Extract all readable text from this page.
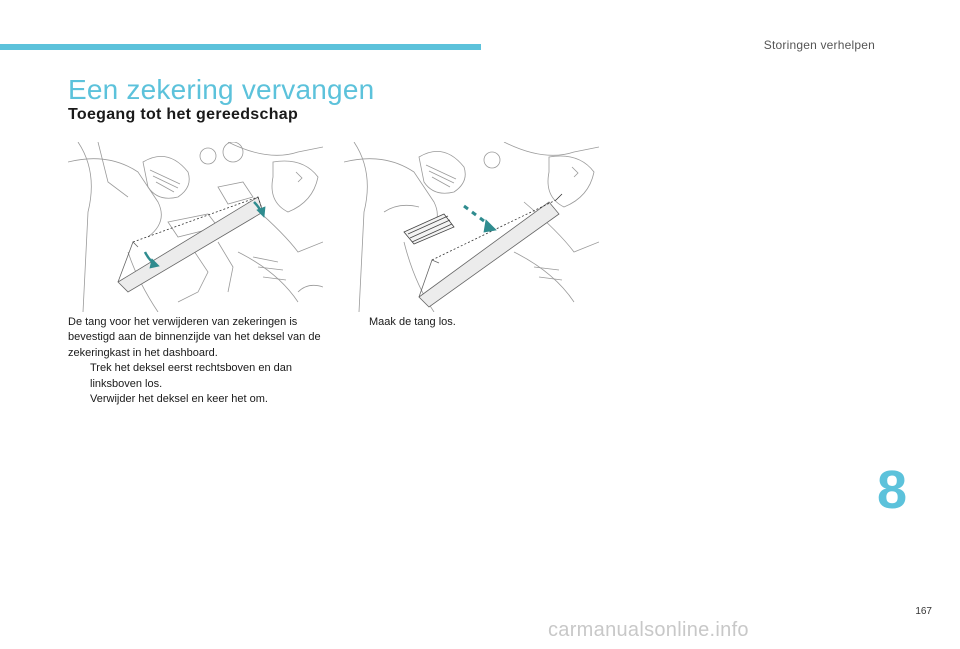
Storingen verhelpen
Een zekering vervangen
Toegang tot het gereedschap
De tang voor het verwijderen van zekeringen is bevestigd aan de binnenzijde van het deksel van de zekeringkast in het dashboard.
Trek het deksel eerst rechtsboven en dan linksboven los.
Verwijder het deksel en keer het om.
Maak de tang los.
8
167
carmanualsonline.info
